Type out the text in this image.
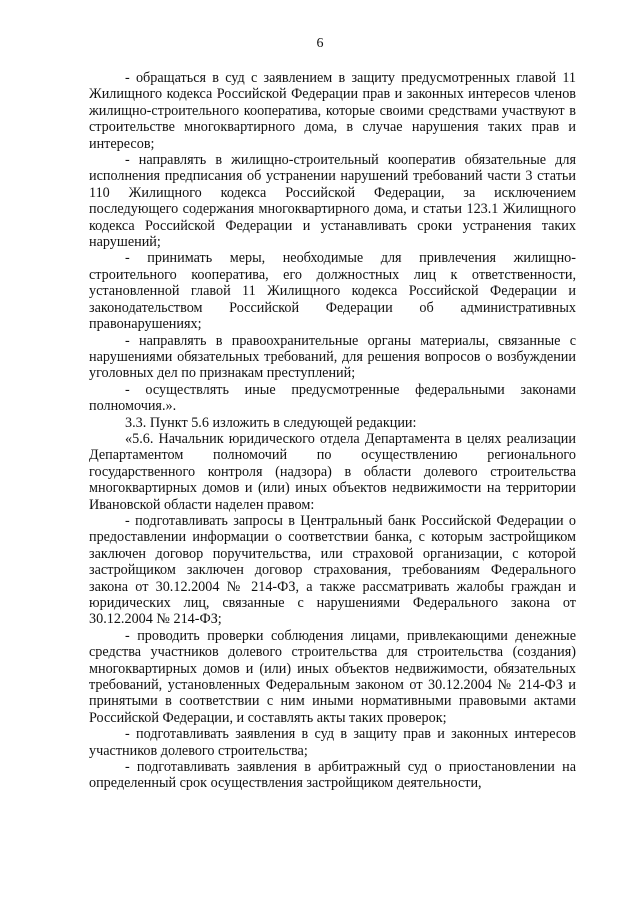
6

- обращаться в суд с заявлением в защиту предусмотренных главой 11 Жилищного кодекса Российской Федерации прав и законных интересов членов жилищно-строительного кооператива, которые своими средствами участвуют в строительстве многоквартирного дома, в случае нарушения таких прав и интересов;

- направлять в жилищно-строительный кооператив обязательные для исполнения предписания об устранении нарушений требований части 3 статьи 110 Жилищного кодекса Российской Федерации, за исключением последующего содержания многоквартирного дома, и статьи 123.1 Жилищного кодекса Российской Федерации и устанавливать сроки устранения таких нарушений;

- принимать меры, необходимые для привлечения жилищно-строительного кооператива, его должностных лиц к ответственности, установленной главой 11 Жилищного кодекса Российской Федерации и законодательством Российской Федерации об административных правонарушениях;

- направлять в правоохранительные органы материалы, связанные с нарушениями обязательных требований, для решения вопросов о возбуждении уголовных дел по признакам преступлений;

- осуществлять иные предусмотренные федеральными законами полномочия.».

3.3. Пункт 5.6 изложить в следующей редакции:

«5.6. Начальник юридического отдела Департамента в целях реализации Департаментом полномочий по осуществлению регионального государственного контроля (надзора) в области долевого строительства многоквартирных домов и (или) иных объектов недвижимости на территории Ивановской области наделен правом:

- подготавливать запросы в Центральный банк Российской Федерации о предоставлении информации о соответствии банка, с которым застройщиком заключен договор поручительства, или страховой организации, с которой застройщиком заключен договор страхования, требованиям Федерального закона от 30.12.2004 № 214-ФЗ, а также рассматривать жалобы граждан и юридических лиц, связанные с нарушениями Федерального закона от 30.12.2004 № 214-ФЗ;

- проводить проверки соблюдения лицами, привлекающими денежные средства участников долевого строительства для строительства (создания) многоквартирных домов и (или) иных объектов недвижимости, обязательных требований, установленных Федеральным законом от 30.12.2004 № 214-ФЗ и принятыми в соответствии с ним иными нормативными правовыми актами Российской Федерации, и составлять акты таких проверок;

- подготавливать заявления в суд в защиту прав и законных интересов участников долевого строительства;

- подготавливать заявления в арбитражный суд о приостановлении на определенный срок осуществления застройщиком деятельности,
